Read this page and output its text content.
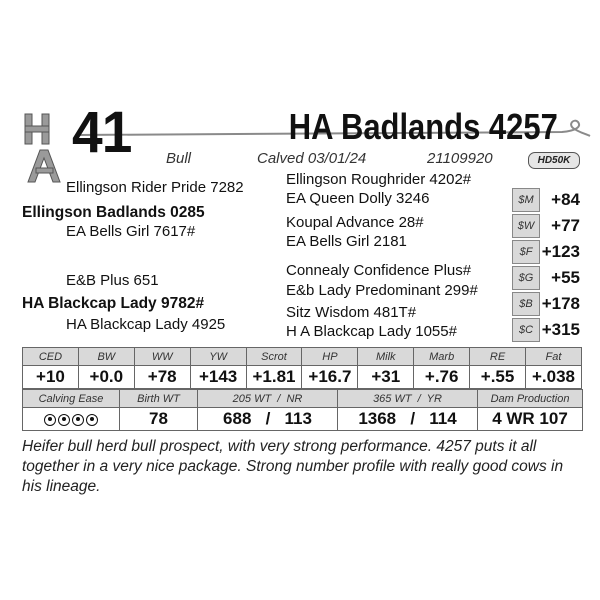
41	HA Badlands 4257
Bull	Calved 03/01/24	21109920	HD50K
Ellingson Rider Pride 7282	Ellingson Roughrider 4202#
EA Queen Dolly 3246
Ellingson Badlands 0285
Koupal Advance 28#
EA Bells Girl 7617#
EA Bells Girl 2181
Connealy Confidence Plus#
E&B Plus 651
E&b Lady Predominant 299#
HA Blackcap Lady 9782#
Sitz Wisdom 481T#
HA Blackcap Lady 4925	H A Blackcap Lady 1055#
$M	+84
$W +77
$F +123
$G	+55
$B +178
$C +315
CED	BW	WW	YW	Scrot	HP	Milk	Marb	RE	Fat
+10	+0.0	+78	+143	+1.81	+16.7	+31	+.76	+.55	+.038
Calving Ease	Birth WT	205 WT  /  NR	365 WT  /  YR	Dam Production

	78	688   /   113	1368   /   114	4 WR 107
Heifer bull herd bull prospect, with very strong performance. 4257 puts it all together in a very nice package. Strong number profile with really good cows in his lineage.
